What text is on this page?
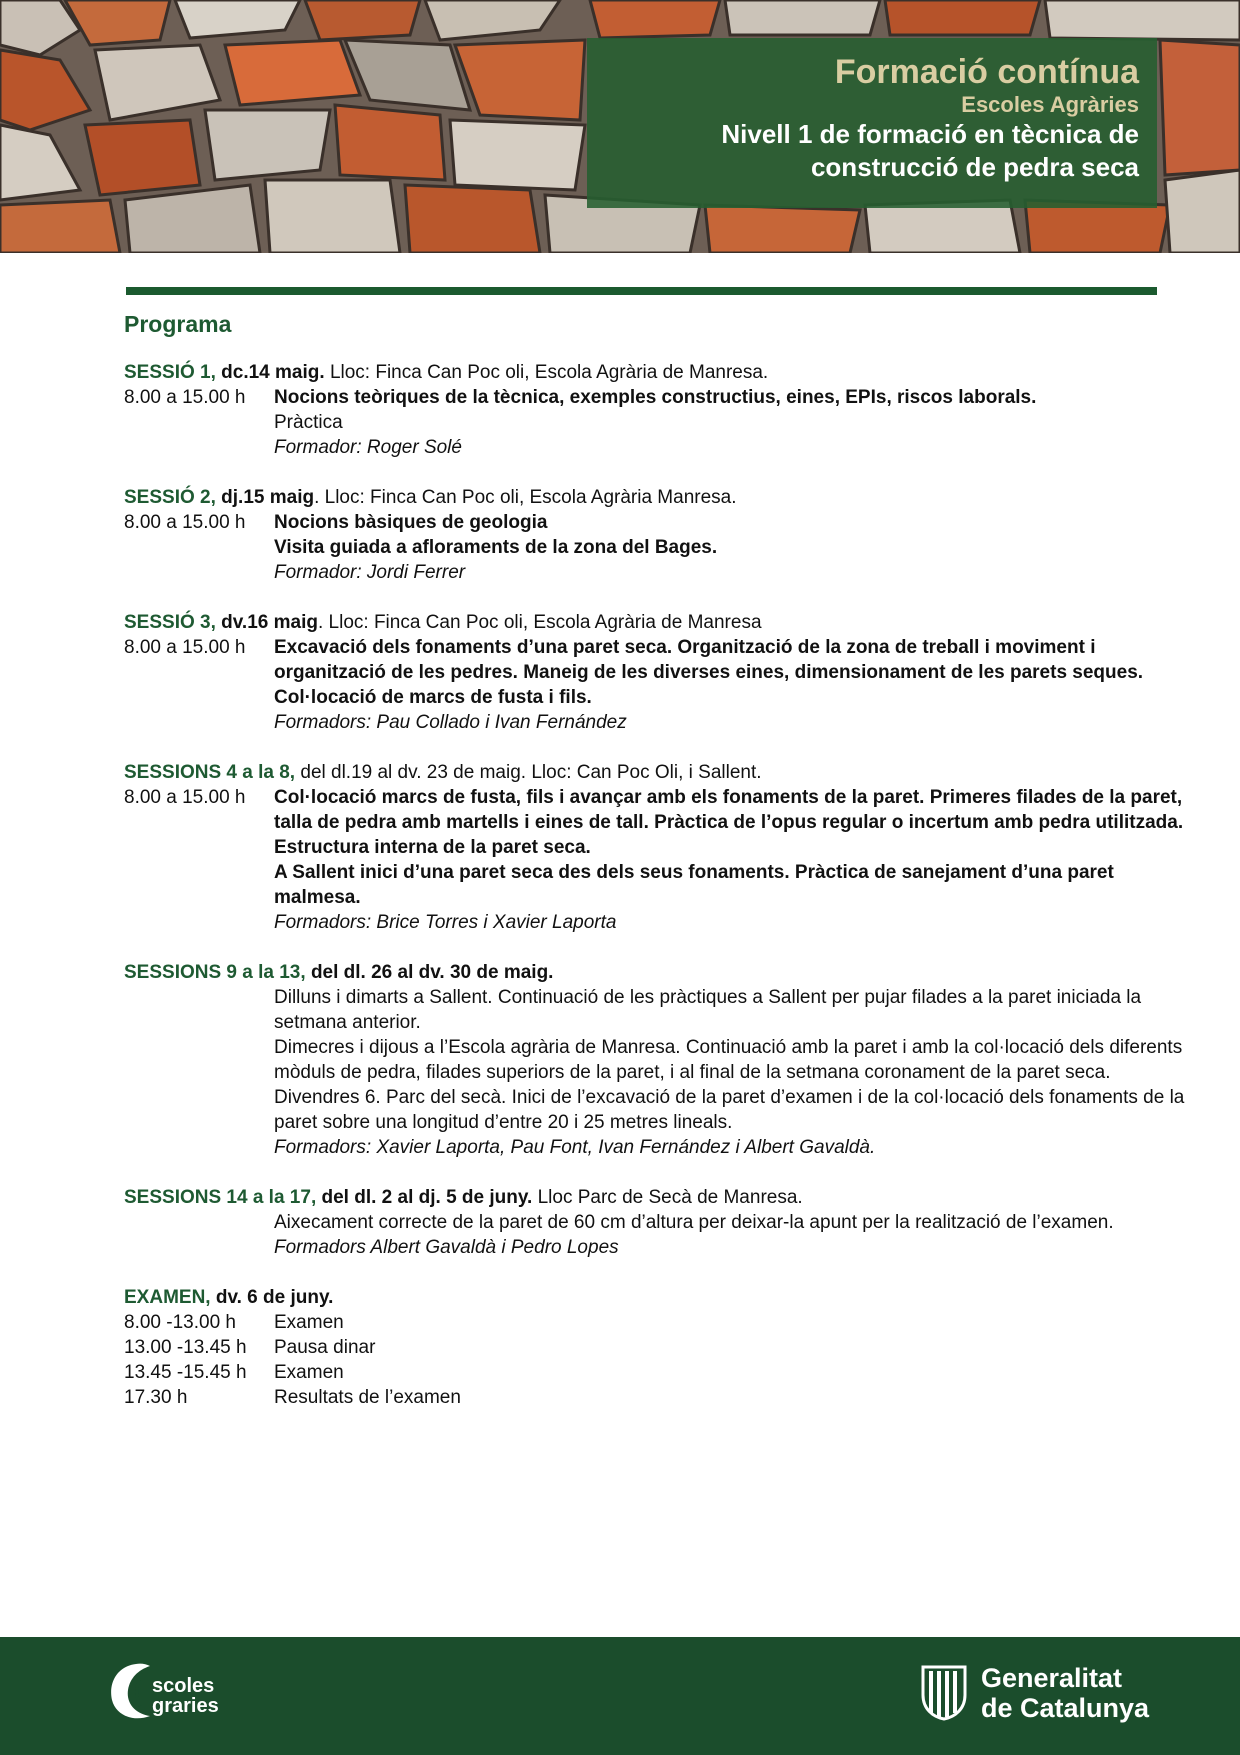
Formació contínua
Escoles Agràries
Nivell 1 de formació en tècnica de
construcció de pedra seca
Programa
SESSIÓ 1, dc.14 maig. Lloc: Finca Can Poc oli, Escola Agrària de Manresa.
8.00 a 15.00 h	Nocions teòriques de la tècnica, exemples constructius, eines, EPIs, riscos laborals.
Pràctica
Formador: Roger Solé
SESSIÓ 2, dj.15 maig. Lloc: Finca Can Poc oli, Escola Agrària Manresa.
8.00 a 15.00 h	Nocions bàsiques de geologia
Visita guiada a afloraments de la zona del Bages.
Formador: Jordi Ferrer
SESSIÓ 3, dv.16 maig. Lloc: Finca Can Poc oli, Escola Agrària de Manresa
8.00 a 15.00 h	Excavació dels fonaments d’una paret seca. Organització de la zona de treball i moviment i organització de les pedres. Maneig de les diverses eines, dimensionament de les parets seques.
Col·locació de marcs de fusta i fils.
Formadors: Pau Collado i Ivan Fernández
SESSIONS 4 a la 8, del dl.19 al dv. 23 de maig. Lloc: Can Poc Oli, i Sallent.
8.00 a 15.00 h	Col·locació marcs de fusta, fils i avançar amb els fonaments de la paret. Primeres filades de la paret, talla de pedra amb martells i eines de tall. Pràctica de l’opus regular o incertum amb pedra utilitzada. Estructura interna de la paret seca.
A Sallent inici d’una paret seca des dels seus fonaments. Pràctica de sanejament d’una paret malmesa.
Formadors: Brice Torres i Xavier Laporta
SESSIONS 9 a la 13, del dl. 26 al dv. 30 de maig.
Dilluns i dimarts a Sallent. Continuació de les pràctiques a Sallent per pujar filades a la paret iniciada la setmana anterior.
Dimecres i dijous a l’Escola agrària de Manresa. Continuació amb la paret i amb la col·locació dels diferents mòduls de pedra, filades superiors de la paret, i al final de la setmana coronament de la paret seca.
Divendres 6. Parc del secà. Inici de l’excavació de la paret d’examen i de la col·locació dels fonaments de la paret sobre una longitud d’entre 20 i 25 metres lineals.
Formadors: Xavier Laporta, Pau Font, Ivan Fernández i Albert Gavaldà.
SESSIONS 14 a la 17, del dl. 2 al dj. 5 de juny. Lloc Parc de Secà de Manresa.
Aixecament correcte de la paret de 60 cm d’altura per deixar-la apunt per la realització de l’examen.
Formadors Albert Gavaldà i Pedro Lopes
EXAMEN, dv. 6 de juny.
8.00 -13.00 h	Examen
13.00 -13.45 h	Pausa dinar
13.45 -15.45 h	Examen
17.30 h	Resultats de l’examen
scoles
graries
Generalitat
de Catalunya
